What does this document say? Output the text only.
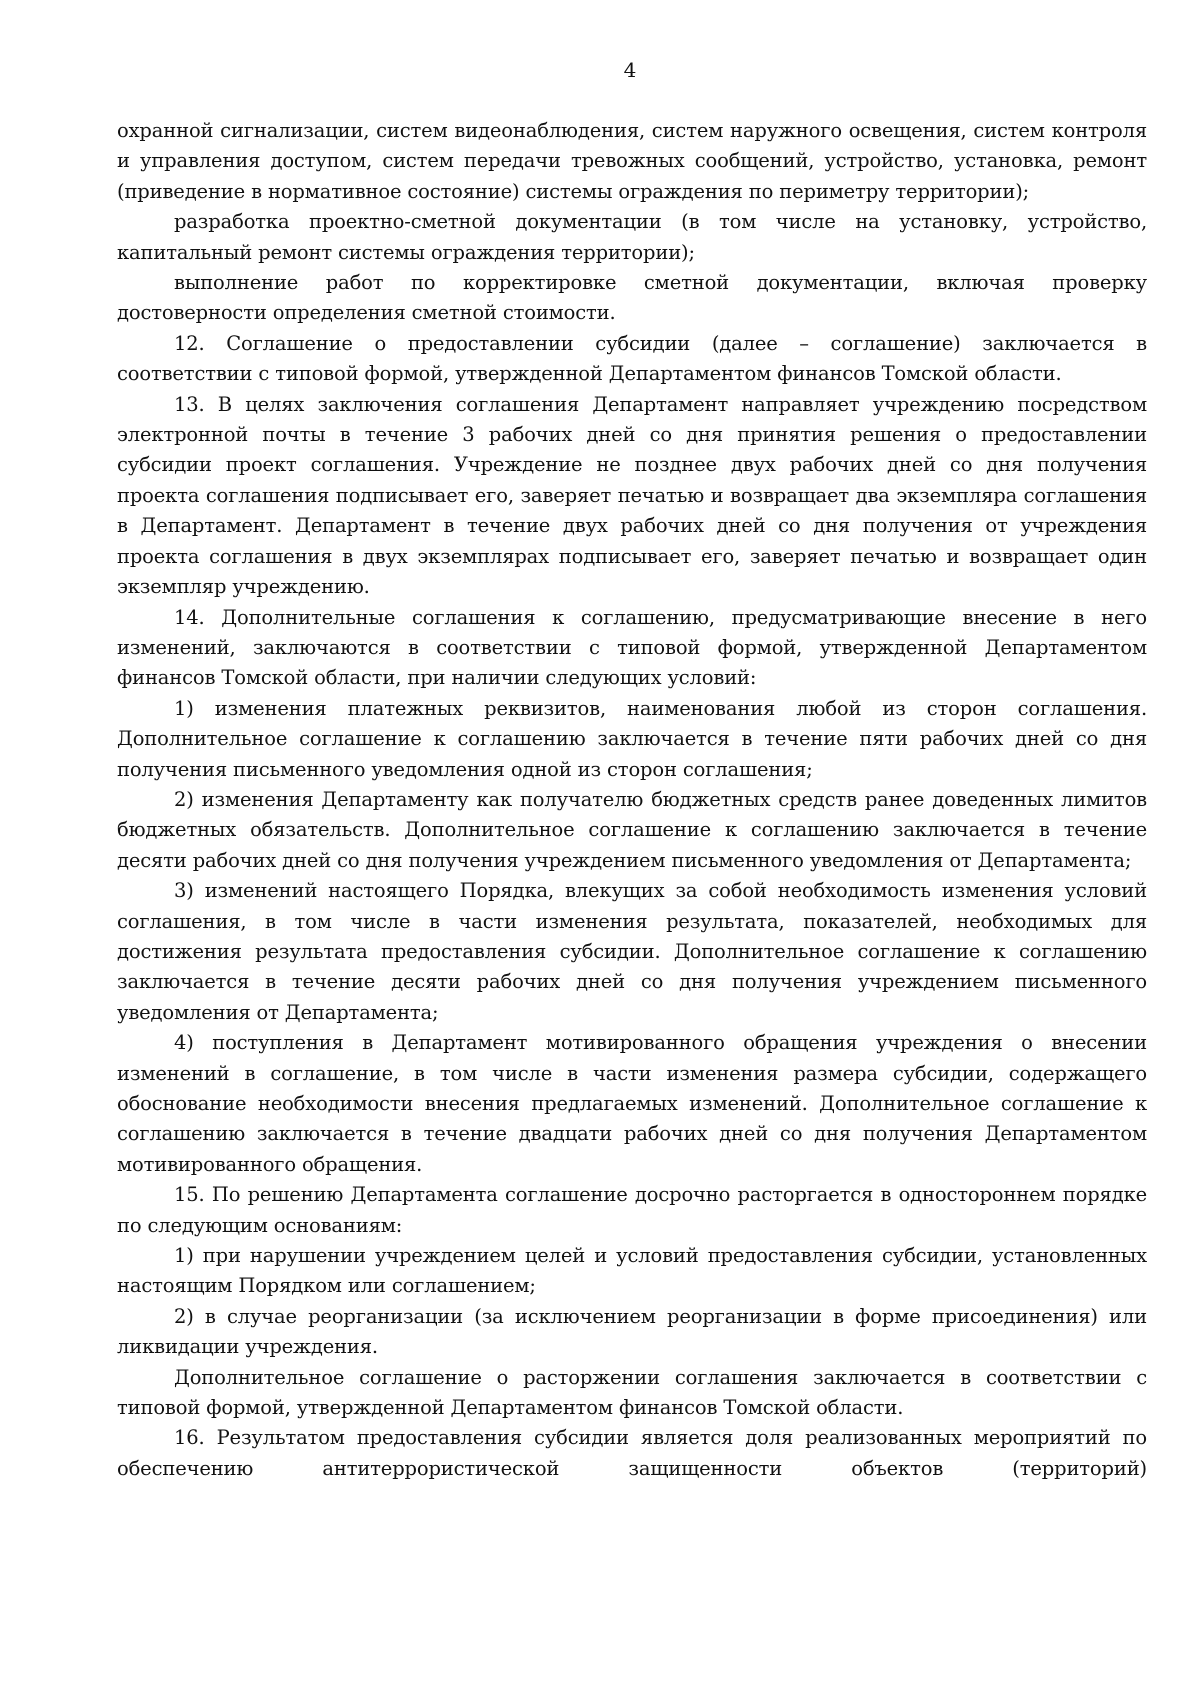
4

охранной сигнализации, систем видеонаблюдения, систем наружного освещения, систем контроля и управления доступом, систем передачи тревожных сообщений, устройство, установка, ремонт (приведение в нормативное состояние) системы ограждения по периметру территории);

разработка проектно-сметной документации (в том числе на установку, устройство, капитальный ремонт системы ограждения территории);

выполнение работ по корректировке сметной документации, включая проверку достоверности определения сметной стоимости.

12. Соглашение о предоставлении субсидии (далее – соглашение) заключается в соответствии с типовой формой, утвержденной Департаментом финансов Томской области.

13. В целях заключения соглашения Департамент направляет учреждению посредством электронной почты в течение 3 рабочих дней со дня принятия решения о предоставлении субсидии проект соглашения. Учреждение не позднее двух рабочих дней со дня получения проекта соглашения подписывает его, заверяет печатью и возвращает два экземпляра соглашения в Департамент. Департамент в течение двух рабочих дней со дня получения от учреждения проекта соглашения в двух экземплярах подписывает его, заверяет печатью и возвращает один экземпляр учреждению.

14. Дополнительные соглашения к соглашению, предусматривающие внесение в него изменений, заключаются в соответствии с типовой формой, утвержденной Департаментом финансов Томской области, при наличии следующих условий:

1) изменения платежных реквизитов, наименования любой из сторон соглашения. Дополнительное соглашение к соглашению заключается в течение пяти рабочих дней со дня получения письменного уведомления одной из сторон соглашения;

2) изменения Департаменту как получателю бюджетных средств ранее доведенных лимитов бюджетных обязательств. Дополнительное соглашение к соглашению заключается в течение десяти рабочих дней со дня получения учреждением письменного уведомления от Департамента;

3) изменений настоящего Порядка, влекущих за собой необходимость изменения условий соглашения, в том числе в части изменения результата, показателей, необходимых для достижения результата предоставления субсидии. Дополнительное соглашение к соглашению заключается в течение десяти рабочих дней со дня получения учреждением письменного уведомления от Департамента;

4) поступления в Департамент мотивированного обращения учреждения о внесении изменений в соглашение, в том числе в части изменения размера субсидии, содержащего обоснование необходимости внесения предлагаемых изменений. Дополнительное соглашение к соглашению заключается в течение двадцати рабочих дней со дня получения Департаментом мотивированного обращения.

15. По решению Департамента соглашение досрочно расторгается в одностороннем порядке по следующим основаниям:

1) при нарушении учреждением целей и условий предоставления субсидии, установленных настоящим Порядком или соглашением;

2) в случае реорганизации (за исключением реорганизации в форме присоединения) или ликвидации учреждения.

Дополнительное соглашение о расторжении соглашения заключается в соответствии с типовой формой, утвержденной Департаментом финансов Томской области.

16. Результатом предоставления субсидии является доля реализованных мероприятий по обеспечению антитеррористической защищенности объектов (территорий)
